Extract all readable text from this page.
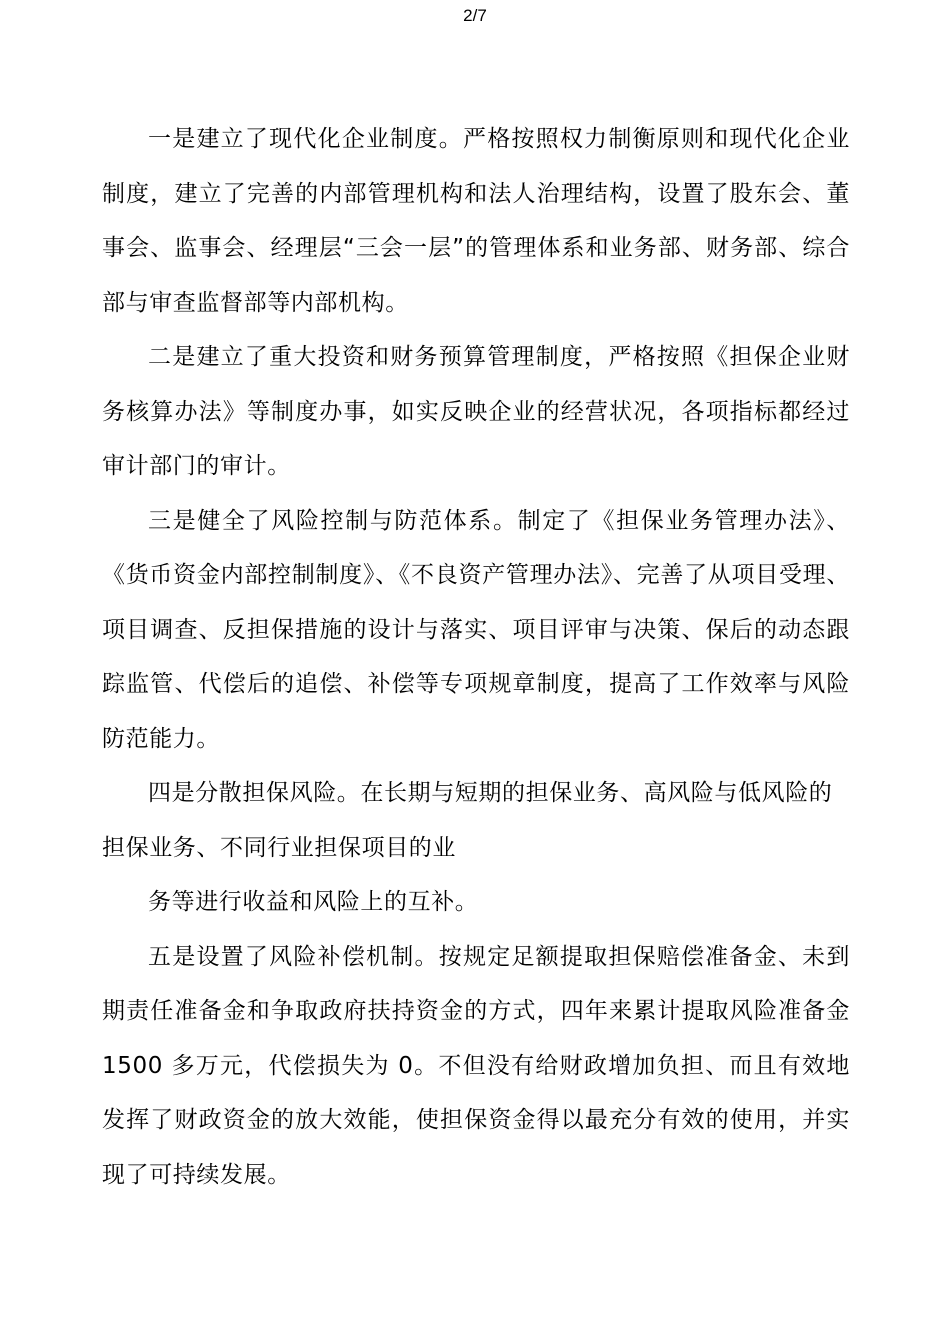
2/7

一是建立了现代化企业制度。严格按照权力制衡原则和现代化企业制度，建立了完善的内部管理机构和法人治理结构，设置了股东会、董事会、监事会、经理层“三会一层”的管理体系和业务部、财务部、综合部与审查监督部等内部机构。

二是建立了重大投资和财务预算管理制度，严格按照《担保企业财务核算办法》等制度办事，如实反映企业的经营状况，各项指标都经过审计部门的审计。

三是健全了风险控制与防范体系。制定了《担保业务管理办法》、《货币资金内部控制制度》、《不良资产管理办法》、完善了从项目受理、项目调查、反担保措施的设计与落实、项目评审与决策、保后的动态跟踪监管、代偿后的追偿、补偿等专项规章制度，提高了工作效率与风险防范能力。

四是分散担保风险。在长期与短期的担保业务、高风险与低风险的担保业务、不同行业担保项目的业

务等进行收益和风险上的互补。

五是设置了风险补偿机制。按规定足额提取担保赔偿准备金、未到期责任准备金和争取政府扶持资金的方式，四年来累计提取风险准备金 1500 多万元，代偿损失为 0。不但没有给财政增加负担、而且有效地发挥了财政资金的放大效能，使担保资金得以最充分有效的使用，并实现了可持续发展。
